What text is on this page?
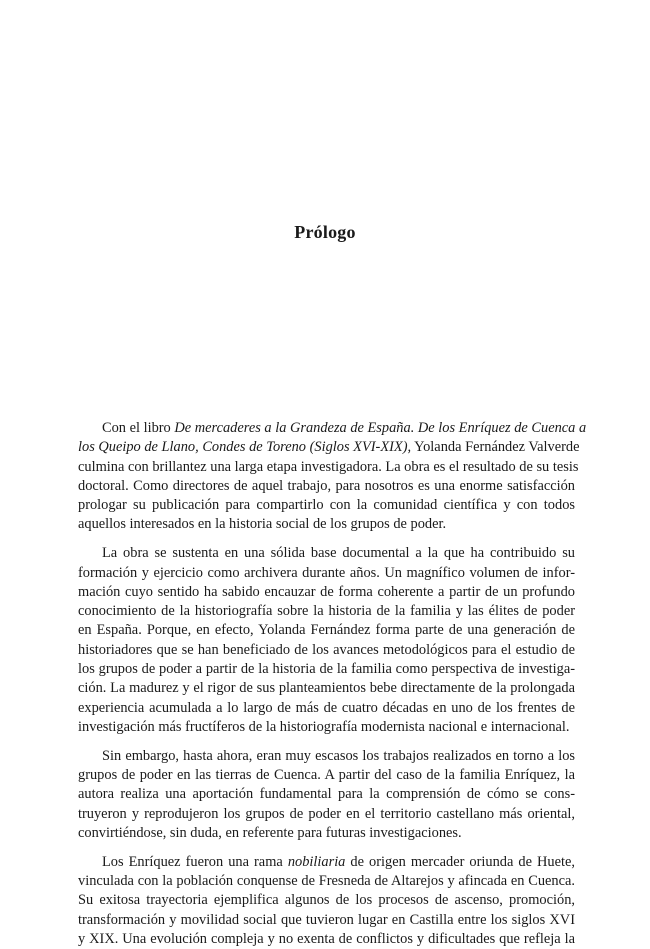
Prólogo

Con el libro De mercaderes a la Grandeza de España. De los Enríquez de Cuenca a
los Queipo de Llano, Condes de Toreno (Siglos XVI-XIX), Yolanda Fernández Valverde
culmina con brillantez una larga etapa investigadora. La obra es el resultado de su tesis
doctoral. Como directores de aquel trabajo, para nosotros es una enorme satisfacción
prologar su publicación para compartirlo con la comunidad científica y con todos
aquellos interesados en la historia social de los grupos de poder.

La obra se sustenta en una sólida base documental a la que ha contribuido su
formación y ejercicio como archivera durante años. Un magnífico volumen de infor-
mación cuyo sentido ha sabido encauzar de forma coherente a partir de un profundo
conocimiento de la historiografía sobre la historia de la familia y las élites de poder
en España. Porque, en efecto, Yolanda Fernández forma parte de una generación de
historiadores que se han beneficiado de los avances metodológicos para el estudio de
los grupos de poder a partir de la historia de la familia como perspectiva de investiga-
ción. La madurez y el rigor de sus planteamientos bebe directamente de la prolongada
experiencia acumulada a lo largo de más de cuatro décadas en uno de los frentes de
investigación más fructíferos de la historiografía modernista nacional e internacional.

Sin embargo, hasta ahora, eran muy escasos los trabajos realizados en torno a los
grupos de poder en las tierras de Cuenca. A partir del caso de la familia Enríquez, la
autora realiza una aportación fundamental para la comprensión de cómo se cons-
truyeron y reprodujeron los grupos de poder en el territorio castellano más oriental,
convirtiéndose, sin duda, en referente para futuras investigaciones.

Los Enríquez fueron una rama nobiliaria de origen mercader oriunda de Huete,
vinculada con la población conquense de Fresneda de Altarejos y afincada en Cuenca.
Su exitosa trayectoria ejemplifica algunos de los procesos de ascenso, promoción,
transformación y movilidad social que tuvieron lugar en Castilla entre los siglos XVI
y XIX. Una evolución compleja y no exenta de conflictos y dificultades que refleja la
